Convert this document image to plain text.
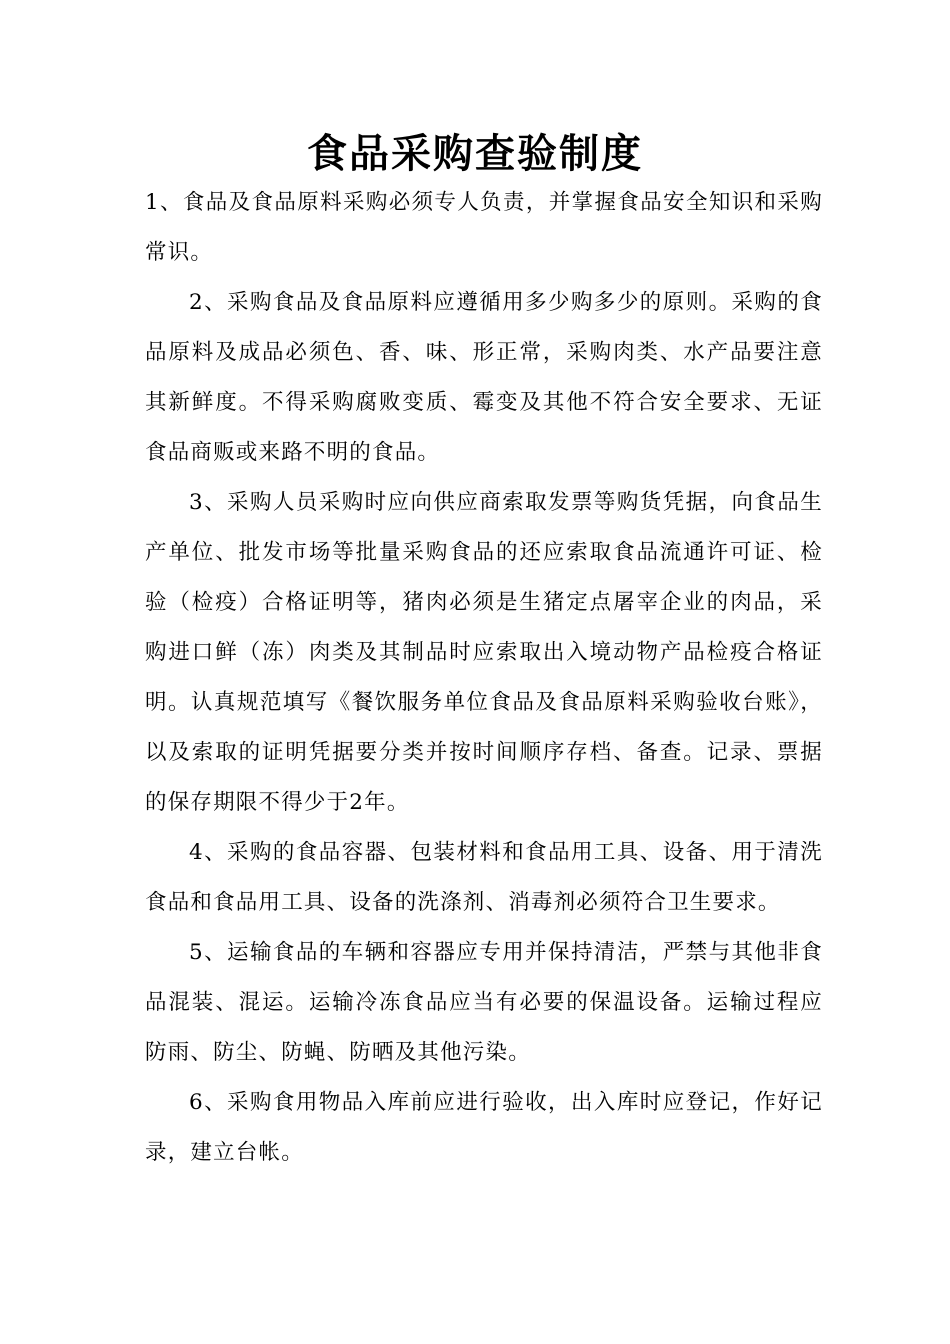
食品采购查验制度

1、食品及食品原料采购必须专人负责，并掌握食品安全知识和采购常识。

2、采购食品及食品原料应遵循用多少购多少的原则。采购的食品原料及成品必须色、香、味、形正常，采购肉类、水产品要注意其新鲜度。不得采购腐败变质、霉变及其他不符合安全要求、无证食品商贩或来路不明的食品。

3、采购人员采购时应向供应商索取发票等购货凭据，向食品生产单位、批发市场等批量采购食品的还应索取食品流通许可证、检验（检疫）合格证明等，猪肉必须是生猪定点屠宰企业的肉品，采购进口鲜（冻）肉类及其制品时应索取出入境动物产品检疫合格证明。认真规范填写《餐饮服务单位食品及食品原料采购验收台账》，以及索取的证明凭据要分类并按时间顺序存档、备查。记录、票据的保存期限不得少于2年。

4、采购的食品容器、包装材料和食品用工具、设备、用于清洗食品和食品用工具、设备的洗涤剂、消毒剂必须符合卫生要求。

5、运输食品的车辆和容器应专用并保持清洁，严禁与其他非食品混装、混运。运输冷冻食品应当有必要的保温设备。运输过程应防雨、防尘、防蝇、防晒及其他污染。

6、采购食用物品入库前应进行验收，出入库时应登记，作好记录，建立台帐。
